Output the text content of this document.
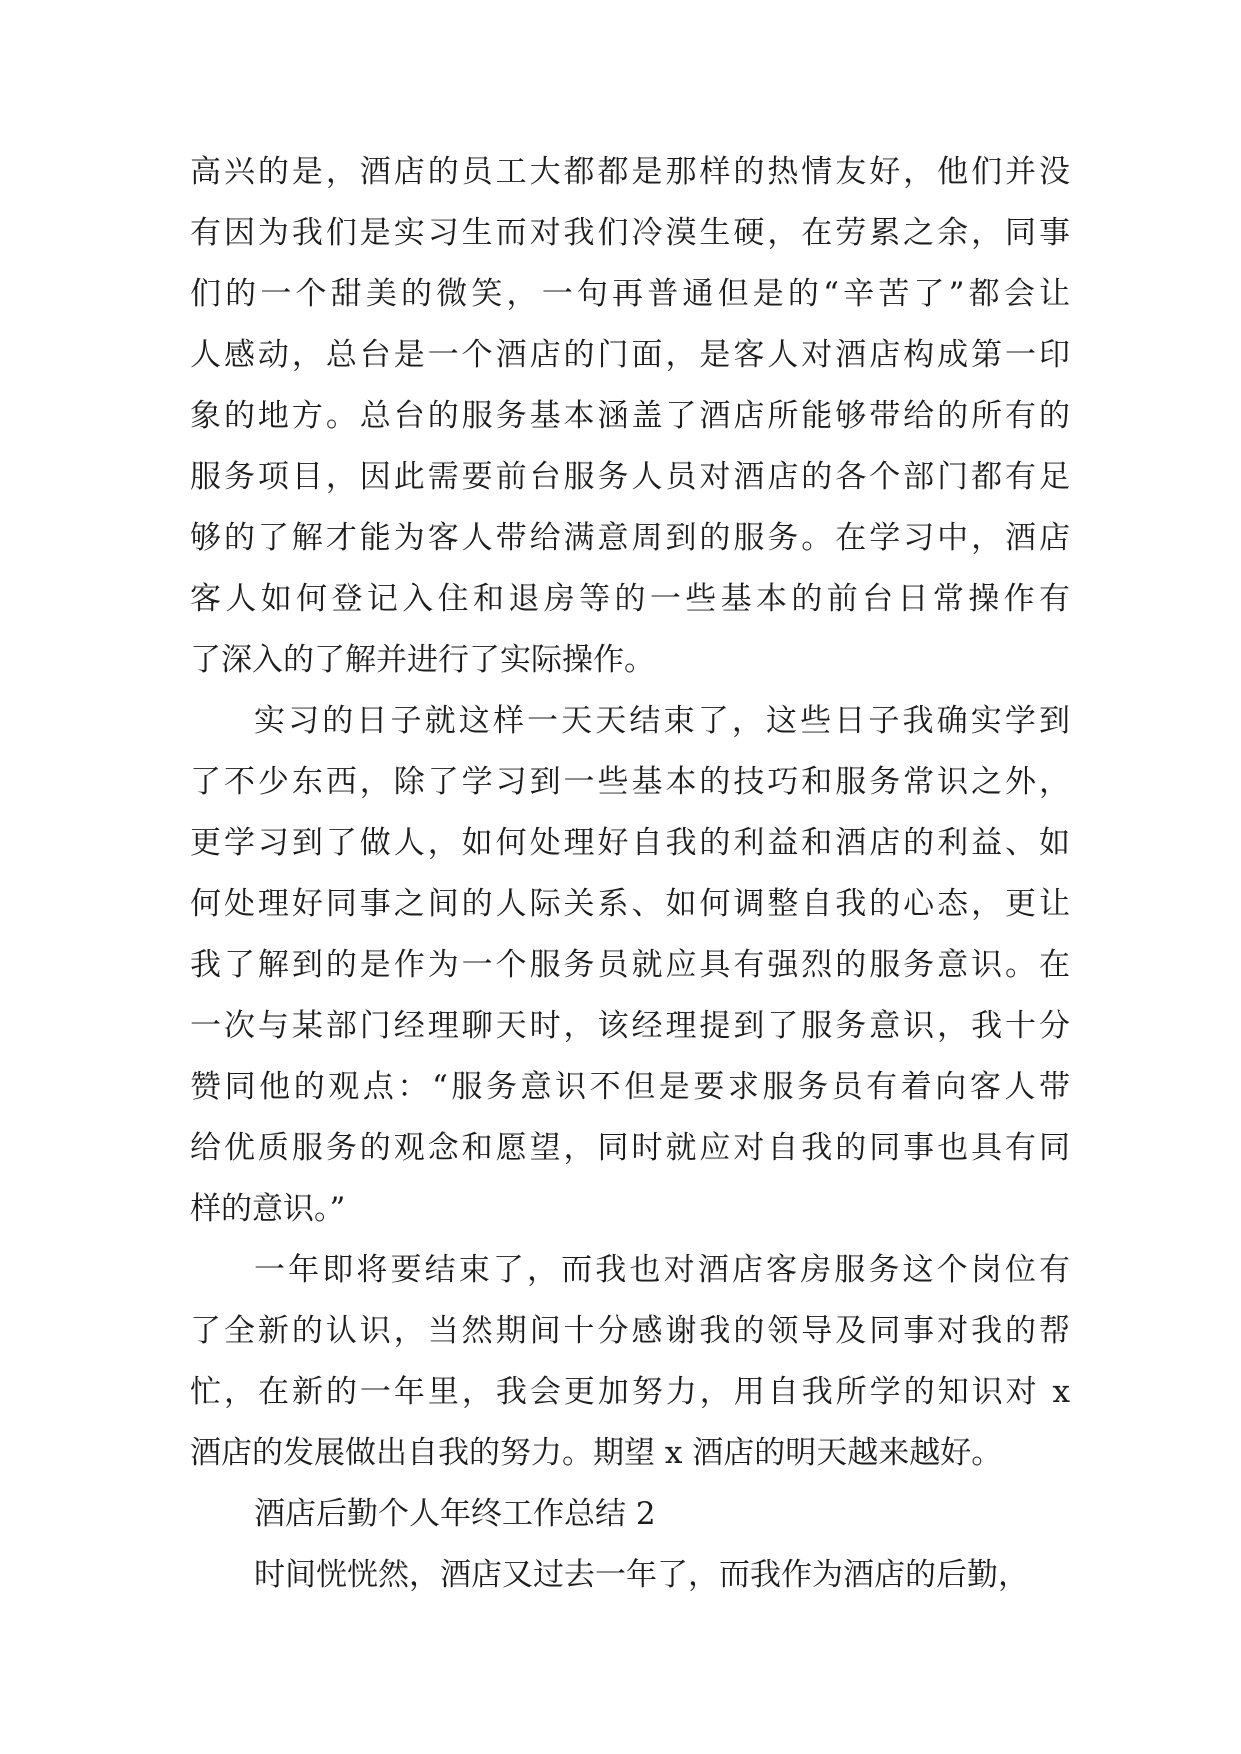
高兴的是，酒店的员工大都都是那样的热情友好，他们并没
有因为我们是实习生而对我们冷漠生硬，在劳累之余，同事
们的一个甜美的微笑，一句再普通但是的“辛苦了”都会让
人感动，总台是一个酒店的门面，是客人对酒店构成第一印
象的地方。总台的服务基本涵盖了酒店所能够带给的所有的
服务项目，因此需要前台服务人员对酒店的各个部门都有足
够的了解才能为客人带给满意周到的服务。在学习中，酒店
客人如何登记入住和退房等的一些基本的前台日常操作有
了深入的了解并进行了实际操作。
实习的日子就这样一天天结束了，这些日子我确实学到
了不少东西，除了学习到一些基本的技巧和服务常识之外，
更学习到了做人，如何处理好自我的利益和酒店的利益、如
何处理好同事之间的人际关系、如何调整自我的心态，更让
我了解到的是作为一个服务员就应具有强烈的服务意识。在
一次与某部门经理聊天时，该经理提到了服务意识，我十分
赞同他的观点：“服务意识不但是要求服务员有着向客人带
给优质服务的观念和愿望，同时就应对自我的同事也具有同
样的意识。”
一年即将要结束了，而我也对酒店客房服务这个岗位有
了全新的认识，当然期间十分感谢我的领导及同事对我的帮
忙，在新的一年里，我会更加努力，用自我所学的知识对 x
酒店的发展做出自我的努力。期望 x 酒店的明天越来越好。
酒店后勤个人年终工作总结 2
时间恍恍然，酒店又过去一年了，而我作为酒店的后勤，
